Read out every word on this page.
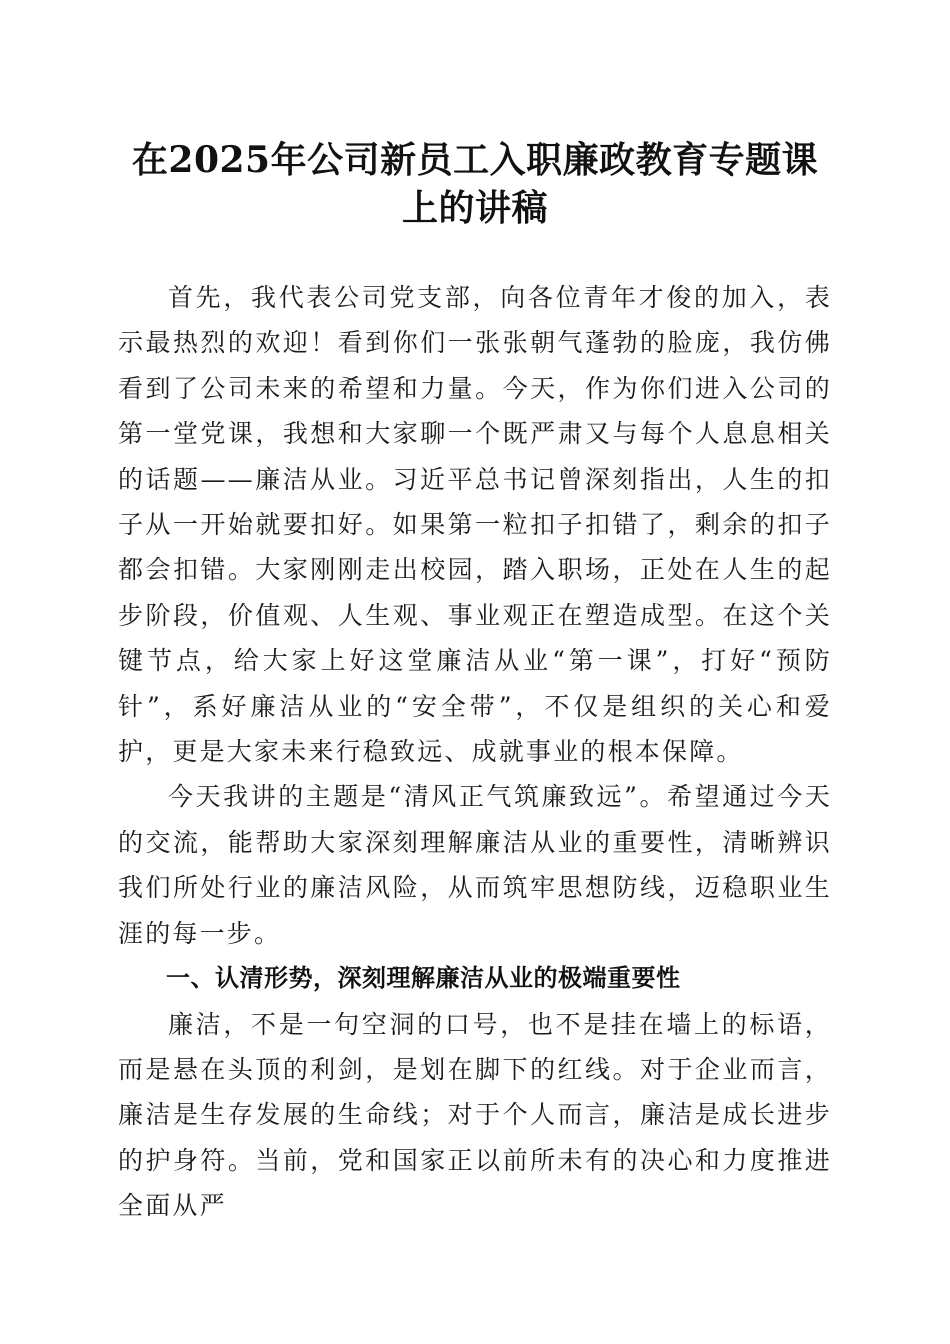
在2025年公司新员工入职廉政教育专题课上的讲稿

首先，我代表公司党支部，向各位青年才俊的加入，表示最热烈的欢迎！看到你们一张张朝气蓬勃的脸庞，我仿佛看到了公司未来的希望和力量。今天，作为你们进入公司的第一堂党课，我想和大家聊一个既严肃又与每个人息息相关的话题——廉洁从业。习近平总书记曾深刻指出，人生的扣子从一开始就要扣好。如果第一粒扣子扣错了，剩余的扣子都会扣错。大家刚刚走出校园，踏入职场，正处在人生的起步阶段，价值观、人生观、事业观正在塑造成型。在这个关键节点，给大家上好这堂廉洁从业“第一课”，打好“预防针”，系好廉洁从业的“安全带”，不仅是组织的关心和爱护，更是大家未来行稳致远、成就事业的根本保障。

今天我讲的主题是“清风正气筑廉致远”。希望通过今天的交流，能帮助大家深刻理解廉洁从业的重要性，清晰辨识我们所处行业的廉洁风险，从而筑牢思想防线，迈稳职业生涯的每一步。

一、认清形势，深刻理解廉洁从业的极端重要性

廉洁，不是一句空洞的口号，也不是挂在墙上的标语，而是悬在头顶的利剑，是划在脚下的红线。对于企业而言，廉洁是生存发展的生命线；对于个人而言，廉洁是成长进步的护身符。当前，党和国家正以前所未有的决心和力度推进全面从严
